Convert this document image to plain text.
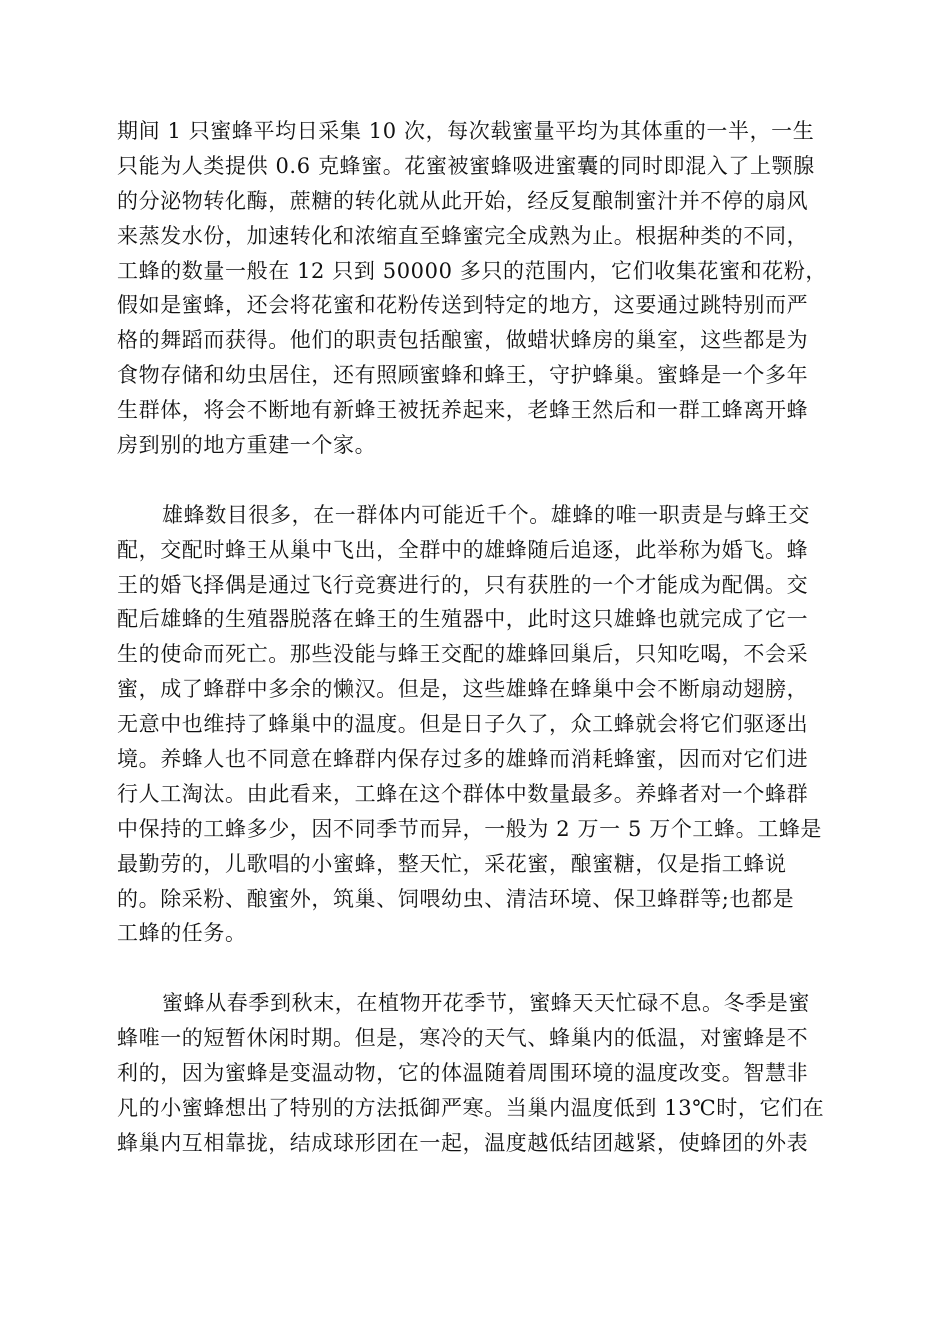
期间 1 只蜜蜂平均日采集 10 次，每次载蜜量平均为其体重的一半，一生
只能为人类提供 0.6 克蜂蜜。花蜜被蜜蜂吸进蜜囊的同时即混入了上颚腺
的分泌物转化酶，蔗糖的转化就从此开始，经反复酿制蜜汁并不停的扇风
来蒸发水份，加速转化和浓缩直至蜂蜜完全成熟为止。根据种类的不同，
工蜂的数量一般在 12 只到 50000 多只的范围内，它们收集花蜜和花粉，
假如是蜜蜂，还会将花蜜和花粉传送到特定的地方，这要通过跳特别而严
格的舞蹈而获得。他们的职责包括酿蜜，做蜡状蜂房的巢室，这些都是为
食物存储和幼虫居住，还有照顾蜜蜂和蜂王，守护蜂巢。蜜蜂是一个多年
生群体，将会不断地有新蜂王被抚养起来，老蜂王然后和一群工蜂离开蜂
房到别的地方重建一个家。
雄蜂数目很多，在一群体内可能近千个。雄蜂的唯一职责是与蜂王交
配，交配时蜂王从巢中飞出，全群中的雄蜂随后追逐，此举称为婚飞。蜂
王的婚飞择偶是通过飞行竞赛进行的，只有获胜的一个才能成为配偶。交
配后雄蜂的生殖器脱落在蜂王的生殖器中，此时这只雄蜂也就完成了它一
生的使命而死亡。那些没能与蜂王交配的雄蜂回巢后，只知吃喝，不会采
蜜，成了蜂群中多余的懒汉。但是，这些雄蜂在蜂巢中会不断扇动翅膀，
无意中也维持了蜂巢中的温度。但是日子久了，众工蜂就会将它们驱逐出
境。养蜂人也不同意在蜂群内保存过多的雄蜂而消耗蜂蜜，因而对它们进
行人工淘汰。由此看来，工蜂在这个群体中数量最多。养蜂者对一个蜂群
中保持的工蜂多少，因不同季节而异，一般为 2 万一 5 万个工蜂。工蜂是
最勤劳的，儿歌唱的小蜜蜂，整天忙，采花蜜，酿蜜糖，仅是指工蜂说
的。除采粉、酿蜜外，筑巢、饲喂幼虫、清洁环境、保卫蜂群等;也都是
工蜂的任务。
蜜蜂从春季到秋末，在植物开花季节，蜜蜂天天忙碌不息。冬季是蜜
蜂唯一的短暂休闲时期。但是，寒冷的天气、蜂巢内的低温，对蜜蜂是不
利的，因为蜜蜂是变温动物，它的体温随着周围环境的温度改变。智慧非
凡的小蜜蜂想出了特别的方法抵御严寒。当巢内温度低到 13℃时，它们在
蜂巢内互相靠拢，结成球形团在一起，温度越低结团越紧，使蜂团的外表
